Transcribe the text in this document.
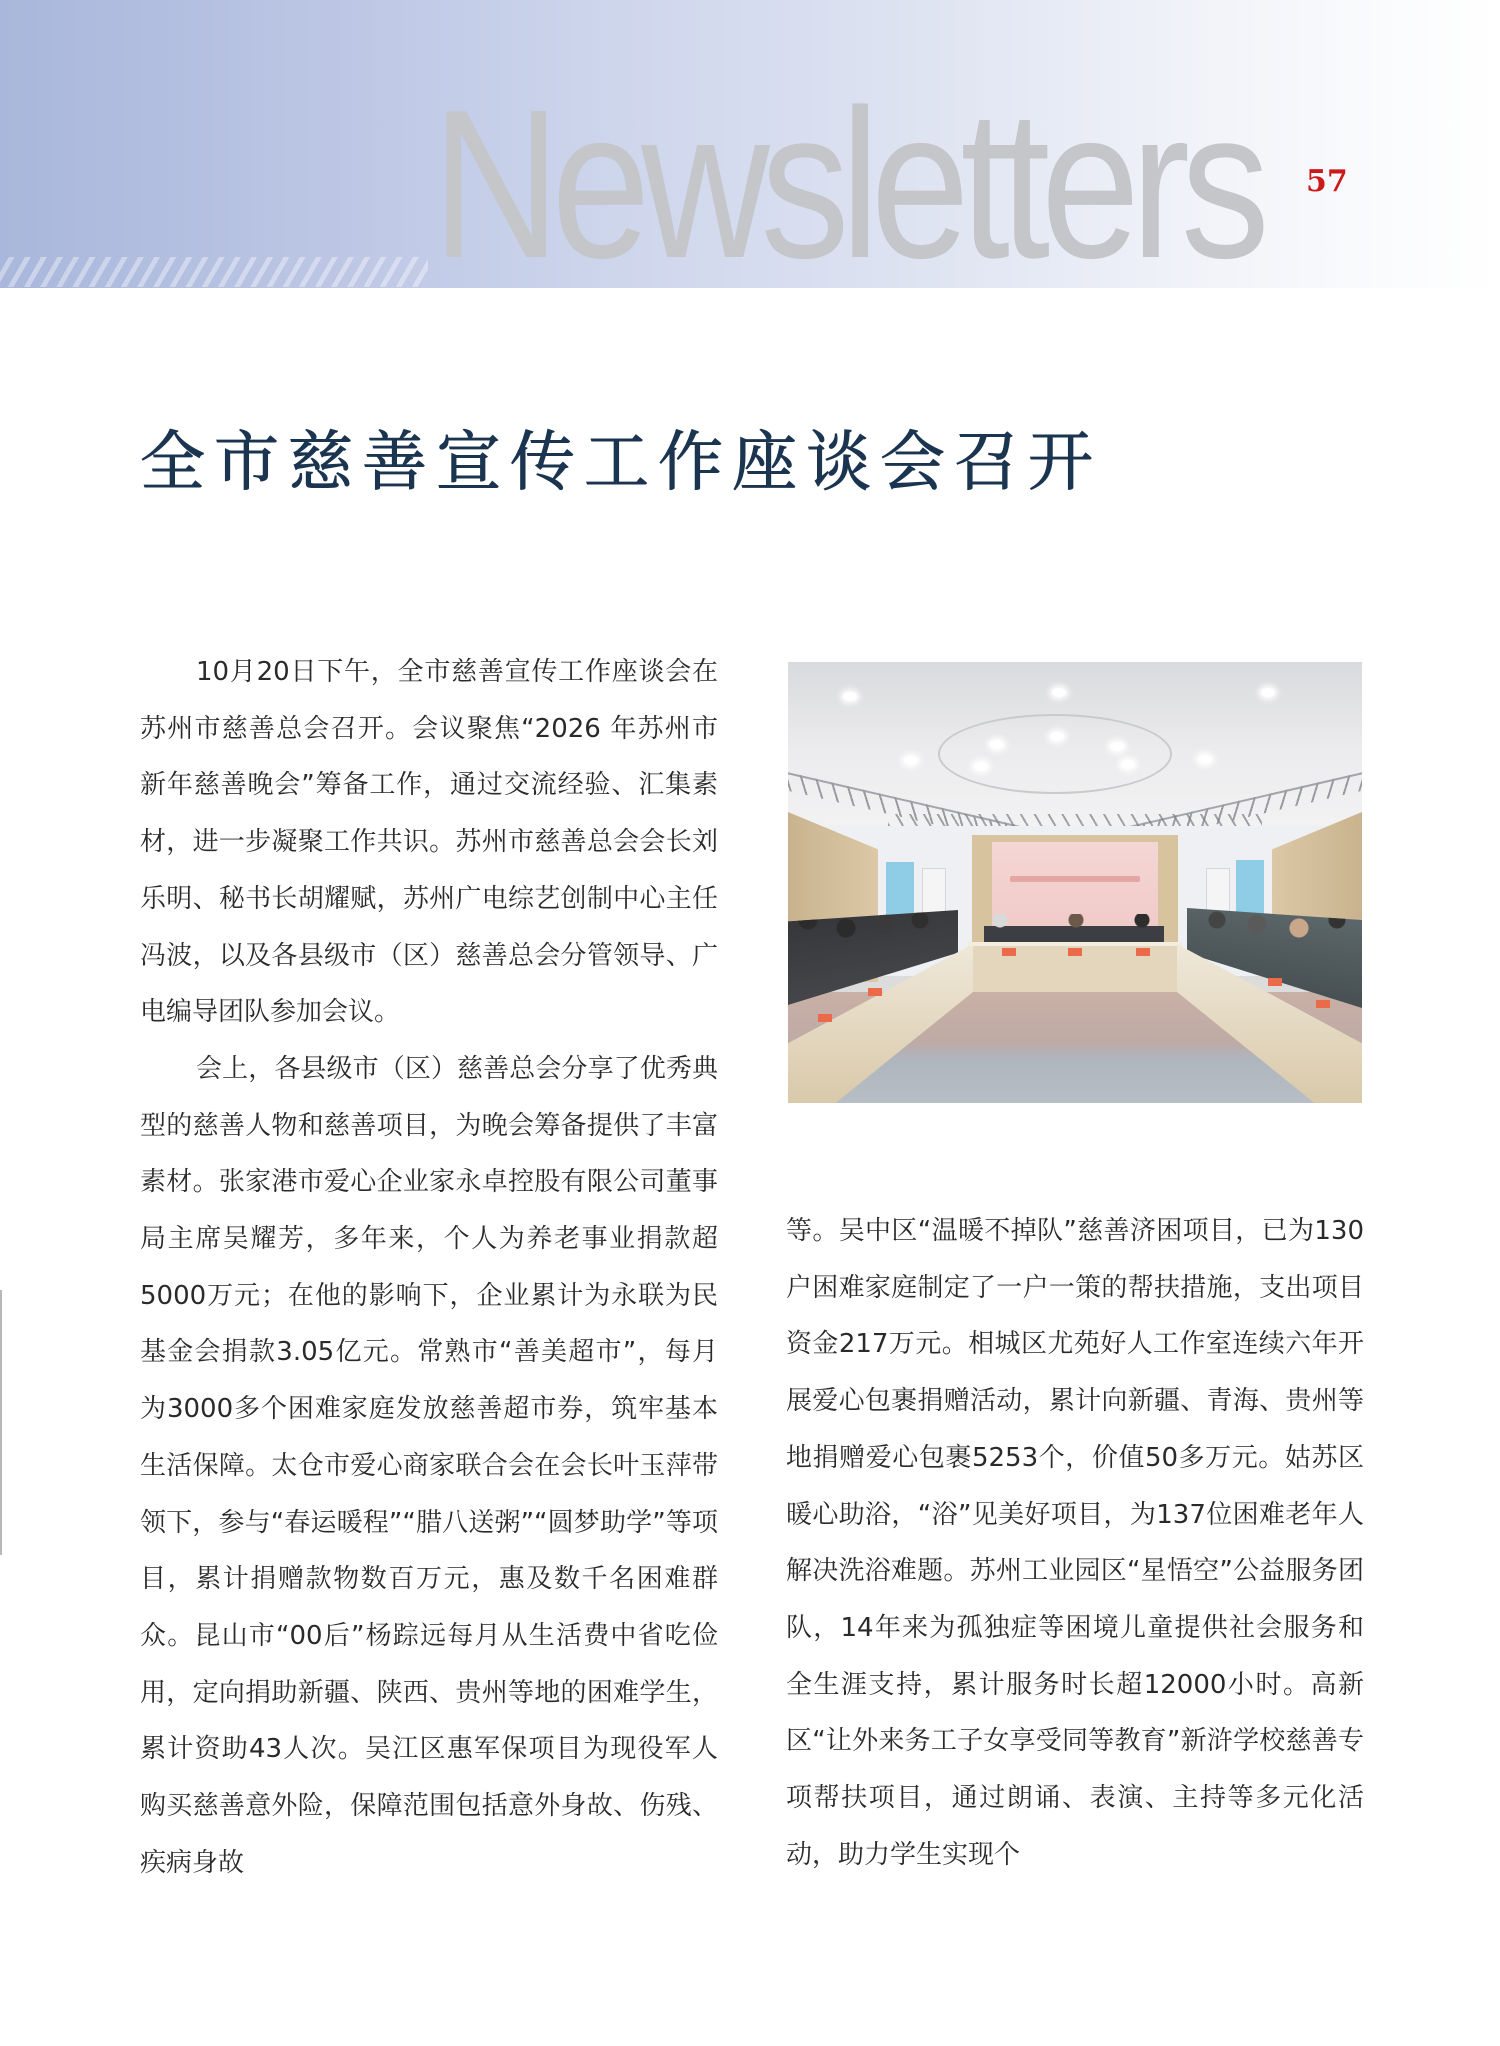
Newsletters 57
全市慈善宣传工作座谈会召开

10月20日下午，全市慈善宣传工作座谈会在苏州市慈善总会召开。会议聚焦“2026 年苏州市新年慈善晚会”筹备工作，通过交流经验、汇集素材，进一步凝聚工作共识。苏州市慈善总会会长刘乐明、秘书长胡耀赋，苏州广电综艺创制中心主任冯波，以及各县级市（区）慈善总会分管领导、广电编导团队参加会议。

会上，各县级市（区）慈善总会分享了优秀典型的慈善人物和慈善项目，为晚会筹备提供了丰富素材。张家港市爱心企业家永卓控股有限公司董事局主席吴耀芳，多年来，个人为养老事业捐款超5000万元；在他的影响下，企业累计为永联为民基金会捐款3.05亿元。常熟市“善美超市”，每月为3000多个困难家庭发放慈善超市券，筑牢基本生活保障。太仓市爱心商家联合会在会长叶玉萍带领下，参与“春运暖程”“腊八送粥”“圆梦助学”等项目，累计捐赠款物数百万元，惠及数千名困难群众。昆山市“00后”杨踪远每月从生活费中省吃俭用，定向捐助新疆、陕西、贵州等地的困难学生，累计资助43人次。吴江区惠军保项目为现役军人购买慈善意外险，保障范围包括意外身故、伤残、疾病身故

等。吴中区“温暖不掉队”慈善济困项目，已为130户困难家庭制定了一户一策的帮扶措施，支出项目资金217万元。相城区尤苑好人工作室连续六年开展爱心包裹捐赠活动，累计向新疆、青海、贵州等地捐赠爱心包裹5253个，价值50多万元。姑苏区暖心助浴，“浴”见美好项目，为137位困难老年人解决洗浴难题。苏州工业园区“星悟空”公益服务团队，14年来为孤独症等困境儿童提供社会服务和全生涯支持，累计服务时长超12000小时。高新区“让外来务工子女享受同等教育”新浒学校慈善专项帮扶项目，通过朗诵、表演、主持等多元化活动，助力学生实现个
